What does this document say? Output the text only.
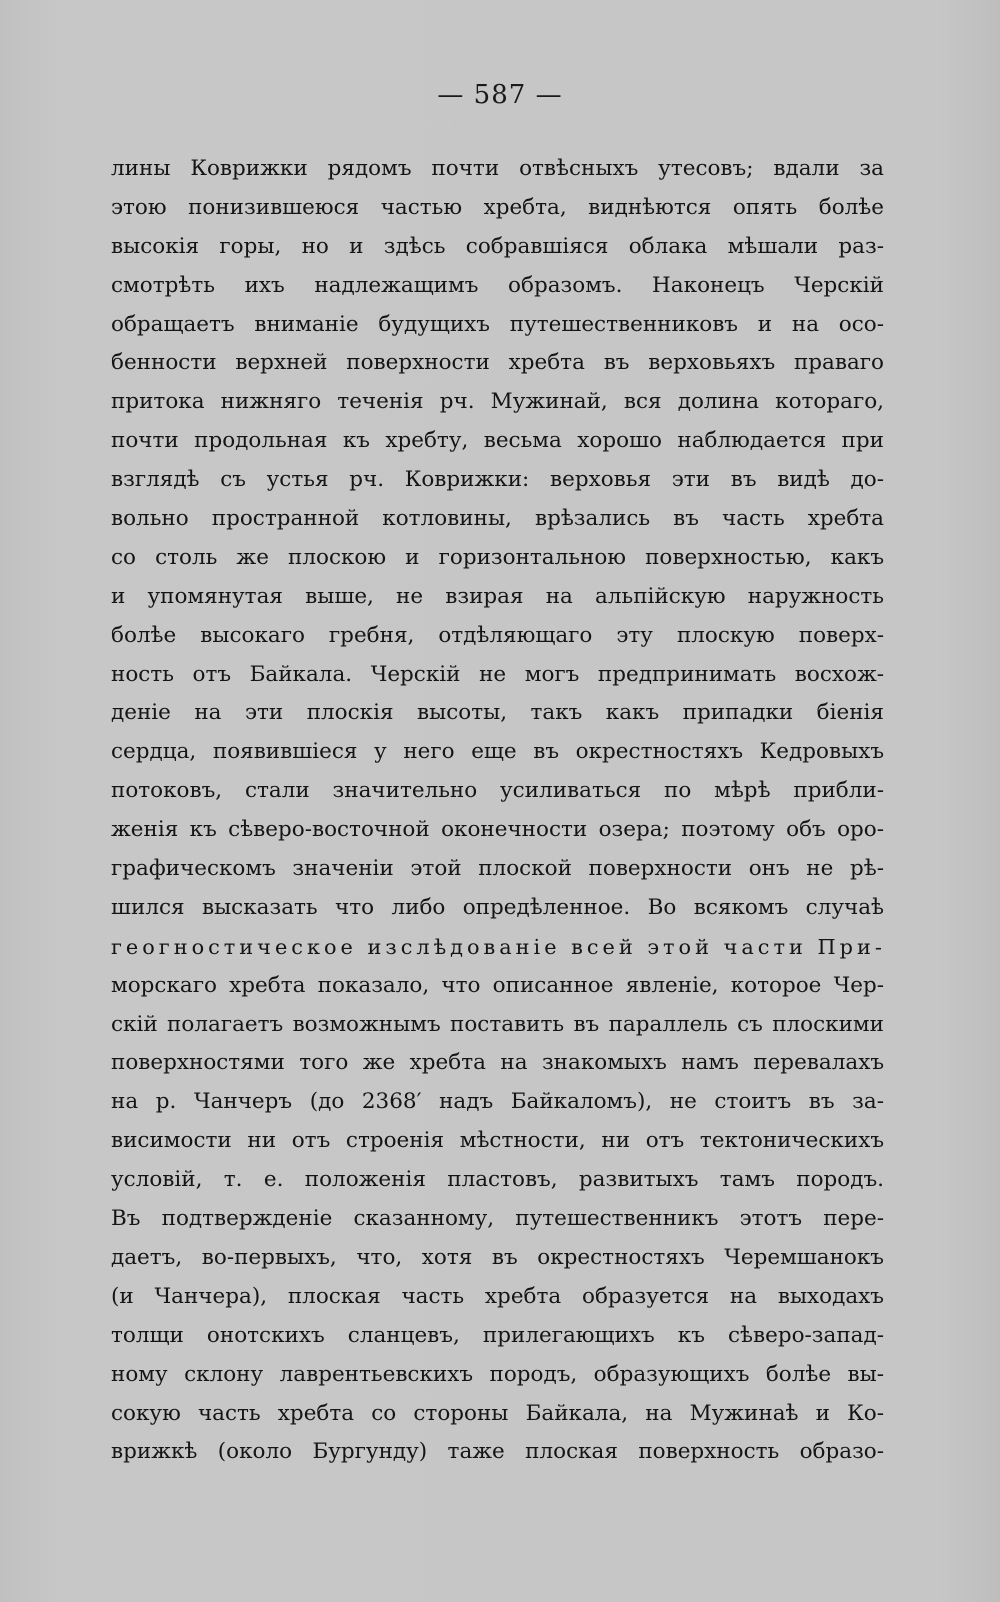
— 587 —
лины Коврижки рядомъ почти отвѣсныхъ утесовъ; вдали за
этою понизившеюся частью хребта, виднѣются опять болѣе
высокія горы, но и здѣсь собравшіяся облака мѣшали раз-
смотрѣть ихъ надлежащимъ образомъ. Наконецъ Черскій
обращаетъ вниманіе будущихъ путешественниковъ и на осо-
бенности верхней поверхности хребта въ верховьяхъ праваго
притока нижняго теченія рч. Мужинай, вся долина котораго,
почти продольная къ хребту, весьма хорошо наблюдается при
взглядѣ съ устья рч. Коврижки: верховья эти въ видѣ до-
вольно пространной котловины, врѣзались въ часть хребта
со столь же плоскою и горизонтальною поверхностью, какъ
и упомянутая выше, не взирая на альпійскую наружность
болѣе высокаго гребня, отдѣляющаго эту плоскую поверх-
ность отъ Байкала. Черскій не могъ предпринимать восхож-
деніе на эти плоскія высоты, такъ какъ припадки біенія
сердца, появившіеся у него еще въ окрестностяхъ Кедровыхъ
потоковъ, стали значительно усиливаться по мѣрѣ прибли-
женія къ сѣверо-восточной оконечности озера; поэтому объ оро-
графическомъ значеніи этой плоской поверхности онъ не рѣ-
шился высказать что либо опредѣленное. Во всякомъ случаѣ
геогностическое изслѣдованіе всей этой части При-
морскаго хребта показало, что описанное явленіе, которое Чер-
скій полагаетъ возможнымъ поставить въ параллель съ плоскими
поверхностями того же хребта на знакомыхъ намъ перевалахъ
на р. Чанчеръ (до 2368′ надъ Байкаломъ), не стоитъ въ за-
висимости ни отъ строенія мѣстности, ни отъ тектоническихъ
условій, т. е. положенія пластовъ, развитыхъ тамъ породъ.
Въ подтвержденіе сказанному, путешественникъ этотъ пере-
даетъ, во-первыхъ, что, хотя въ окрестностяхъ Черемшанокъ
(и Чанчера), плоская часть хребта образуется на выходахъ
толщи онотскихъ сланцевъ, прилегающихъ къ сѣверо-запад-
ному склону лаврентьевскихъ породъ, образующихъ болѣе вы-
сокую часть хребта со стороны Байкала, на Мужинаѣ и Ко-
врижкѣ (около Бургунду) таже плоская поверхность образо-
